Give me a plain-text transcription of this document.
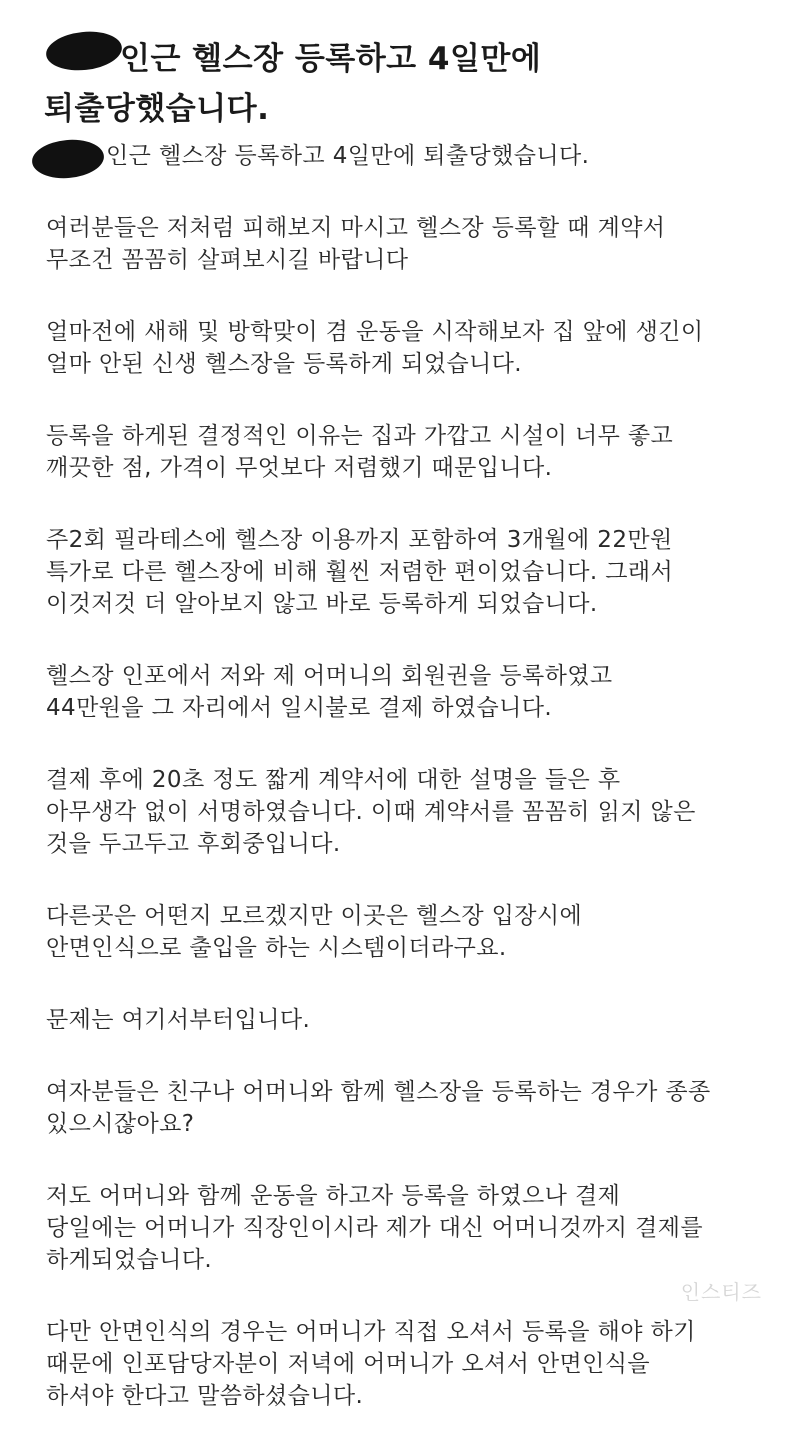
인근 헬스장 등록하고 4일만에
퇴출당했습니다.
인근 헬스장 등록하고 4일만에 퇴출당했습니다.
여러분들은 저처럼 피해보지 마시고 헬스장 등록할 때 계약서
무조건 꼼꼼히 살펴보시길 바랍니다
얼마전에 새해 및 방학맞이 겸 운동을 시작해보자 집 앞에 생긴이
얼마 안된 신생 헬스장을 등록하게 되었습니다.
등록을 하게된 결정적인 이유는 집과 가깝고 시설이 너무 좋고
깨끗한 점, 가격이 무엇보다 저렴했기 때문입니다.
주2회 필라테스에 헬스장 이용까지 포함하여 3개월에 22만원
특가로 다른 헬스장에 비해 훨씬 저렴한 편이었습니다. 그래서
이것저것 더 알아보지 않고 바로 등록하게 되었습니다.
헬스장 인포에서 저와 제 어머니의 회원권을 등록하였고
44만원을 그 자리에서 일시불로 결제 하였습니다.
결제 후에 20초 정도 짧게 계약서에 대한 설명을 들은 후
아무생각 없이 서명하였습니다. 이때 계약서를 꼼꼼히 읽지 않은
것을 두고두고 후회중입니다.
다른곳은 어떤지 모르겠지만 이곳은 헬스장 입장시에
안면인식으로 출입을 하는 시스템이더라구요.
문제는 여기서부터입니다.
여자분들은 친구나 어머니와 함께 헬스장을 등록하는 경우가 종종
있으시잖아요?
저도 어머니와 함께 운동을 하고자 등록을 하였으나 결제
당일에는 어머니가 직장인이시라 제가 대신 어머니것까지 결제를
하게되었습니다.
다만 안면인식의 경우는 어머니가 직접 오셔서 등록을 해야 하기
때문에 인포담당자분이 저녁에 어머니가 오셔서 안면인식을
하셔야 한다고 말씀하셨습니다.
인스티즈
